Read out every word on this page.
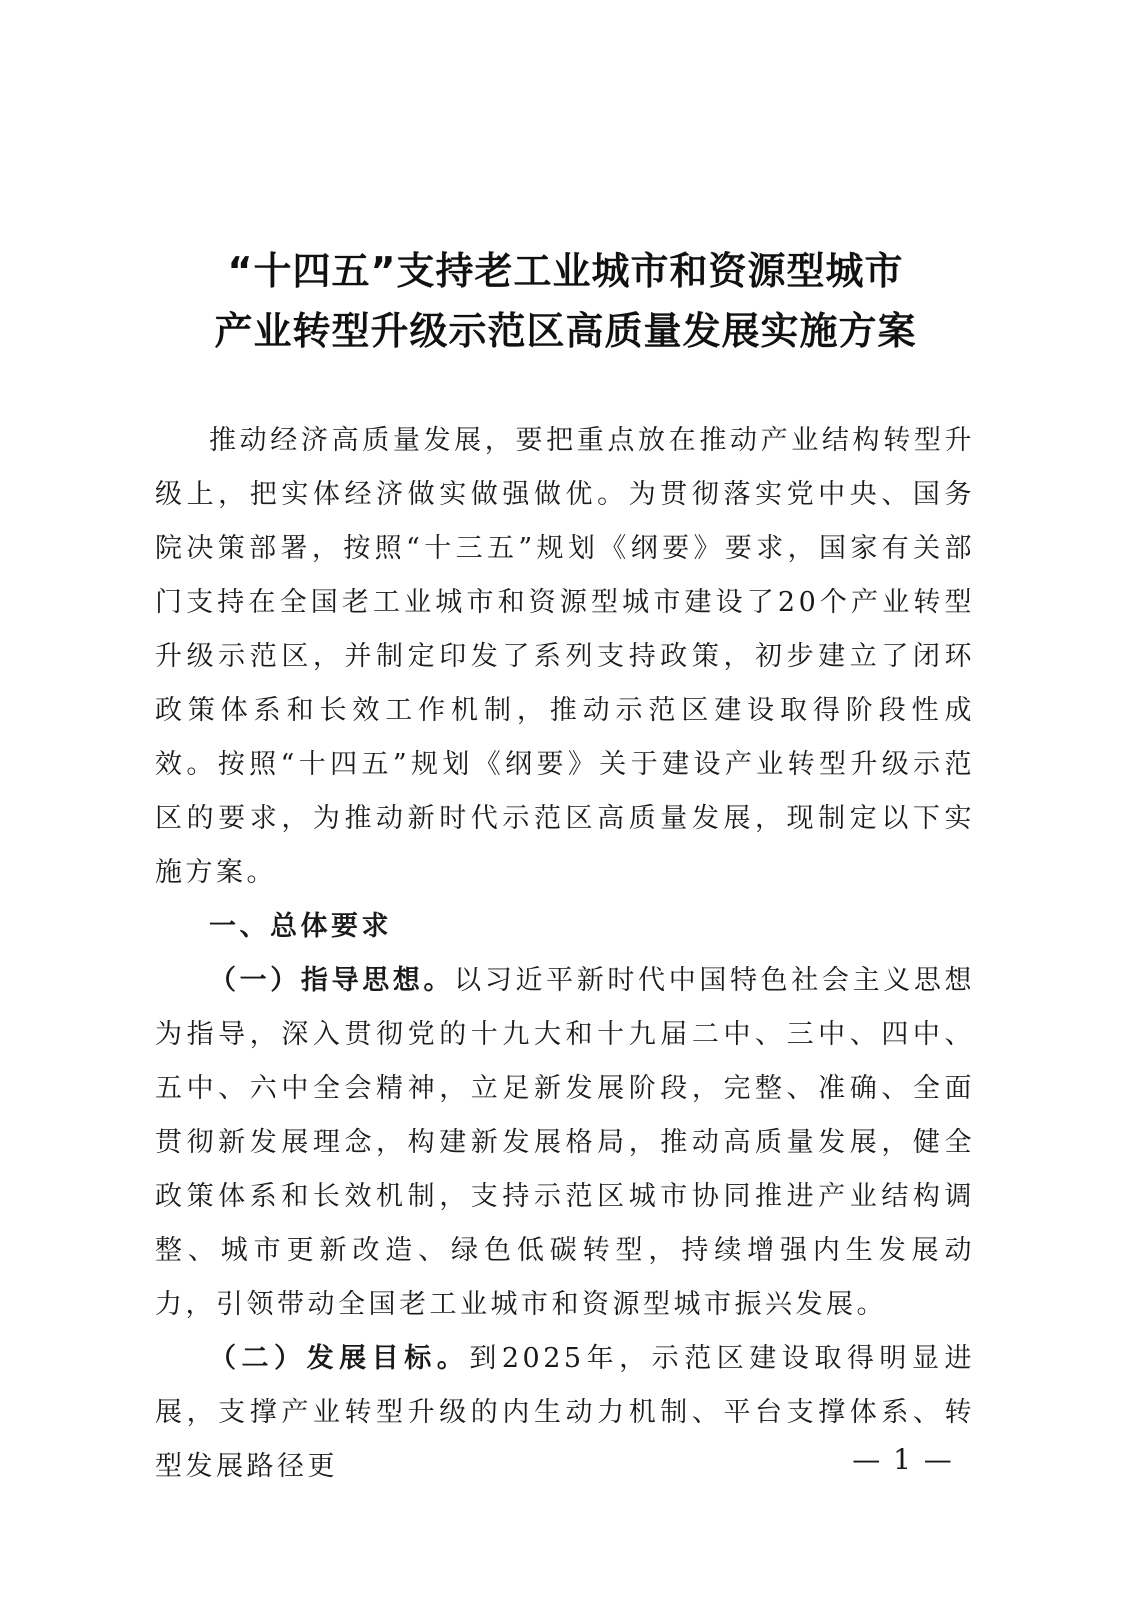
“十四五”支持老工业城市和资源型城市
产业转型升级示范区高质量发展实施方案

推动经济高质量发展，要把重点放在推动产业结构转型升级上，把实体经济做实做强做优。为贯彻落实党中央、国务院决策部署，按照“十三五”规划《纲要》要求，国家有关部门支持在全国老工业城市和资源型城市建设了20个产业转型升级示范区，并制定印发了系列支持政策，初步建立了闭环政策体系和长效工作机制，推动示范区建设取得阶段性成效。按照“十四五”规划《纲要》关于建设产业转型升级示范区的要求，为推动新时代示范区高质量发展，现制定以下实施方案。

一、总体要求

（一）指导思想。以习近平新时代中国特色社会主义思想为指导，深入贯彻党的十九大和十九届二中、三中、四中、五中、六中全会精神，立足新发展阶段，完整、准确、全面贯彻新发展理念，构建新发展格局，推动高质量发展，健全政策体系和长效机制，支持示范区城市协同推进产业结构调整、城市更新改造、绿色低碳转型，持续增强内生发展动力，引领带动全国老工业城市和资源型城市振兴发展。

（二）发展目标。到2025年，示范区建设取得明显进展，支撑产业转型升级的内生动力机制、平台支撑体系、转型发展路径更	— 1 —
